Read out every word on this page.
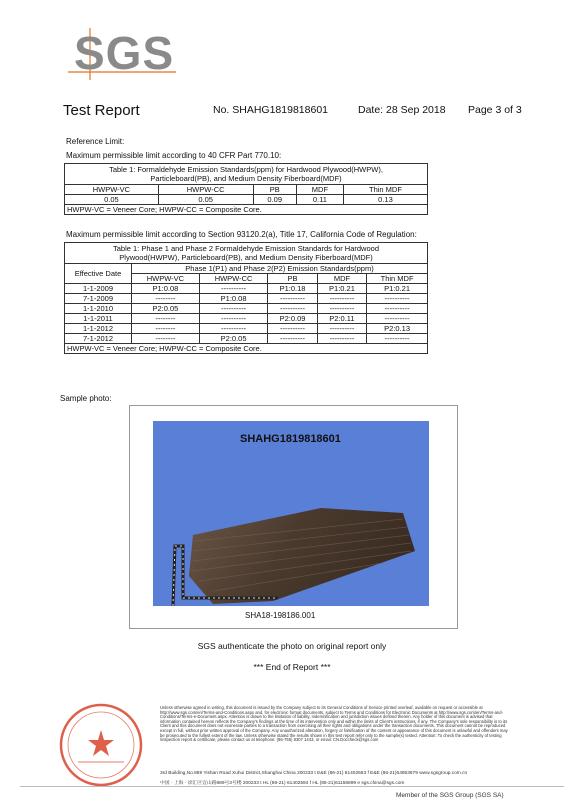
SGS
Test Report	No. SHAHG1819818601	Date: 28 Sep 2018 Page 3 of 3
Reference Limit:
Maximum permissible limit according to 40 CFR Part 770.10:
Table 1: Formaldehyde Emission Standards(ppm) for Hardwood Plywood(HWPW), Particleboard(PB), and Medium Density Fiberboard(MDF)				
HWPW-VC	HWPW-CC	PB	MDF	Thin MDF
0.05	0.05	0.09	0.11	0.13
HWPW-VC = Veneer Core; HWPW-CC = Composite Core.				
Maximum permissible limit according to Section 93120.2(a), Title 17, California Code of Regulation:
Table 1: Phase 1 and Phase 2 Formaldehyde Emission Standards for Hardwood Plywood(HWPW), Particleboard(PB), and Medium Density Fiberboard(MDF)					
Effective Date	Phase 1(P1) and Phase 2(P2) Emission Standards(ppm)				
	HWPW-VC	HWPW-CC	PB	MDF	Thin MDF
1-1-2009	P1:0.08	----------	P1:0.18	P1:0.21	P1:0.21
7-1-2009	--------	P1:0.08	----------	----------	----------
1-1-2010	P2:0.05	----------	----------	----------	----------
1-1-2011	--------	----------	P2:0.09	P2:0.11	----------
1-1-2012	--------	----------	----------	----------	P2:0.13
7-1-2012	--------	P2:0.05	----------	----------	----------
HWPW-VC = Veneer Core; HWPW-CC = Composite Core.					
Sample photo:
SHAHG1819818601
SHA18-198186.001
SGS authenticate the photo on original report only
*** End of Report ***
Unless otherwise agreed in writing, this document is issued by the Company subject to its General Conditions of Service printed overleaf, available on request or accessible at http://www.sgs.com/en/Terms-and-Conditions.aspx and, for electronic format documents, subject to Terms and Conditions for Electronic Documents at http://www.sgs.com/en/Terms-and-Conditions/Terms-e-Document.aspx. Attention is drawn to the limitation of liability, indemnification and jurisdiction issues defined therein. Any holder of this document is advised that information contained hereon reflects the Company's findings at the time of its intervention only and within the limits of Client's instructions, if any. The Company's sole responsibility is to its Client and this document does not exonerate parties to a transaction from exercising all their rights and obligations under the transaction documents. This document cannot be reproduced except in full, without prior written approval of the Company. Any unauthorized alteration, forgery or falsification of the content or appearance of this document is unlawful and offenders may be prosecuted to the fullest extent of the law. Unless otherwise stated the results shown in this test report refer only to the sample(s) tested. Attention: To check the authenticity of testing /inspection report & certificate, please contact us at telephone: (86-755) 8307 1443, or email: CN.Doccheck@sgs.com
3rd Building,No.889 Yishan Road Xuhui District,Shanghai China 200233 t E&E (86-21) 61402553 f E&E (86-21)64953679 www.sgsgroup.com.cn
中国 · 上海 · 徐汇区宜山路889号3号楼 200233 t HL (86-21) 61402594 f HL (86-21)61156899 e sgs.china@sgs.com
Member of the SGS Group (SGS SA)
